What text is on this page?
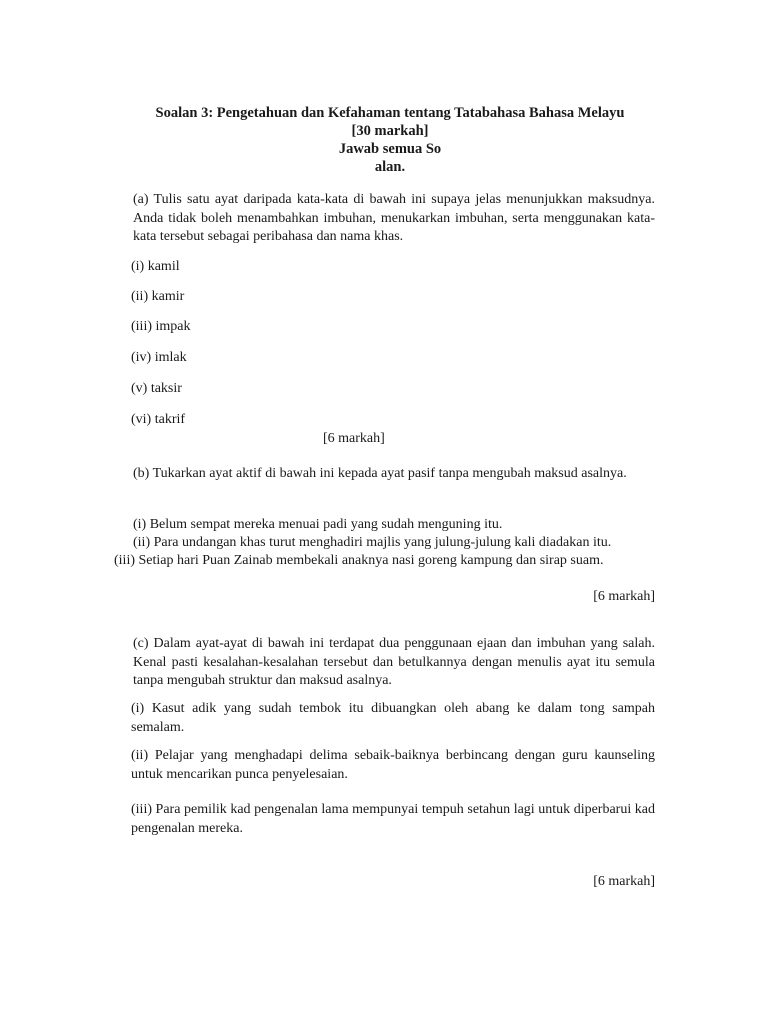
Soalan 3: Pengetahuan dan Kefahaman tentang Tatabahasa Bahasa Melayu
[30 markah]
Jawab semua So
alan.
(a) Tulis satu ayat daripada kata-kata di bawah ini supaya jelas menunjukkan maksudnya. Anda tidak boleh menambahkan imbuhan, menukarkan imbuhan, serta menggunakan kata-kata tersebut sebagai peribahasa dan nama khas.
(i) kamil
(ii) kamir
(iii) impak
(iv) imlak
(v) taksir
(vi) takrif
[6 markah]
(b) Tukarkan ayat aktif di bawah ini kepada ayat pasif tanpa mengubah maksud asalnya.
(i) Belum sempat mereka menuai padi yang sudah menguning itu.
(ii) Para undangan khas turut menghadiri majlis yang julung-julung kali diadakan itu.
(iii) Setiap hari Puan Zainab membekali anaknya nasi goreng kampung dan sirap suam.
[6 markah]
(c) Dalam ayat-ayat di bawah ini terdapat dua penggunaan ejaan dan imbuhan yang salah. Kenal pasti kesalahan-kesalahan tersebut dan betulkannya dengan menulis ayat itu semula tanpa mengubah struktur dan maksud asalnya.
(i) Kasut adik yang sudah tembok itu dibuangkan oleh abang ke dalam tong sampah semalam.
(ii) Pelajar yang menghadapi delima sebaik-baiknya berbincang dengan guru kaunseling untuk mencarikan punca penyelesaian.
(iii) Para pemilik kad pengenalan lama mempunyai tempuh setahun lagi untuk diperbarui kad pengenalan mereka.
[6 markah]
